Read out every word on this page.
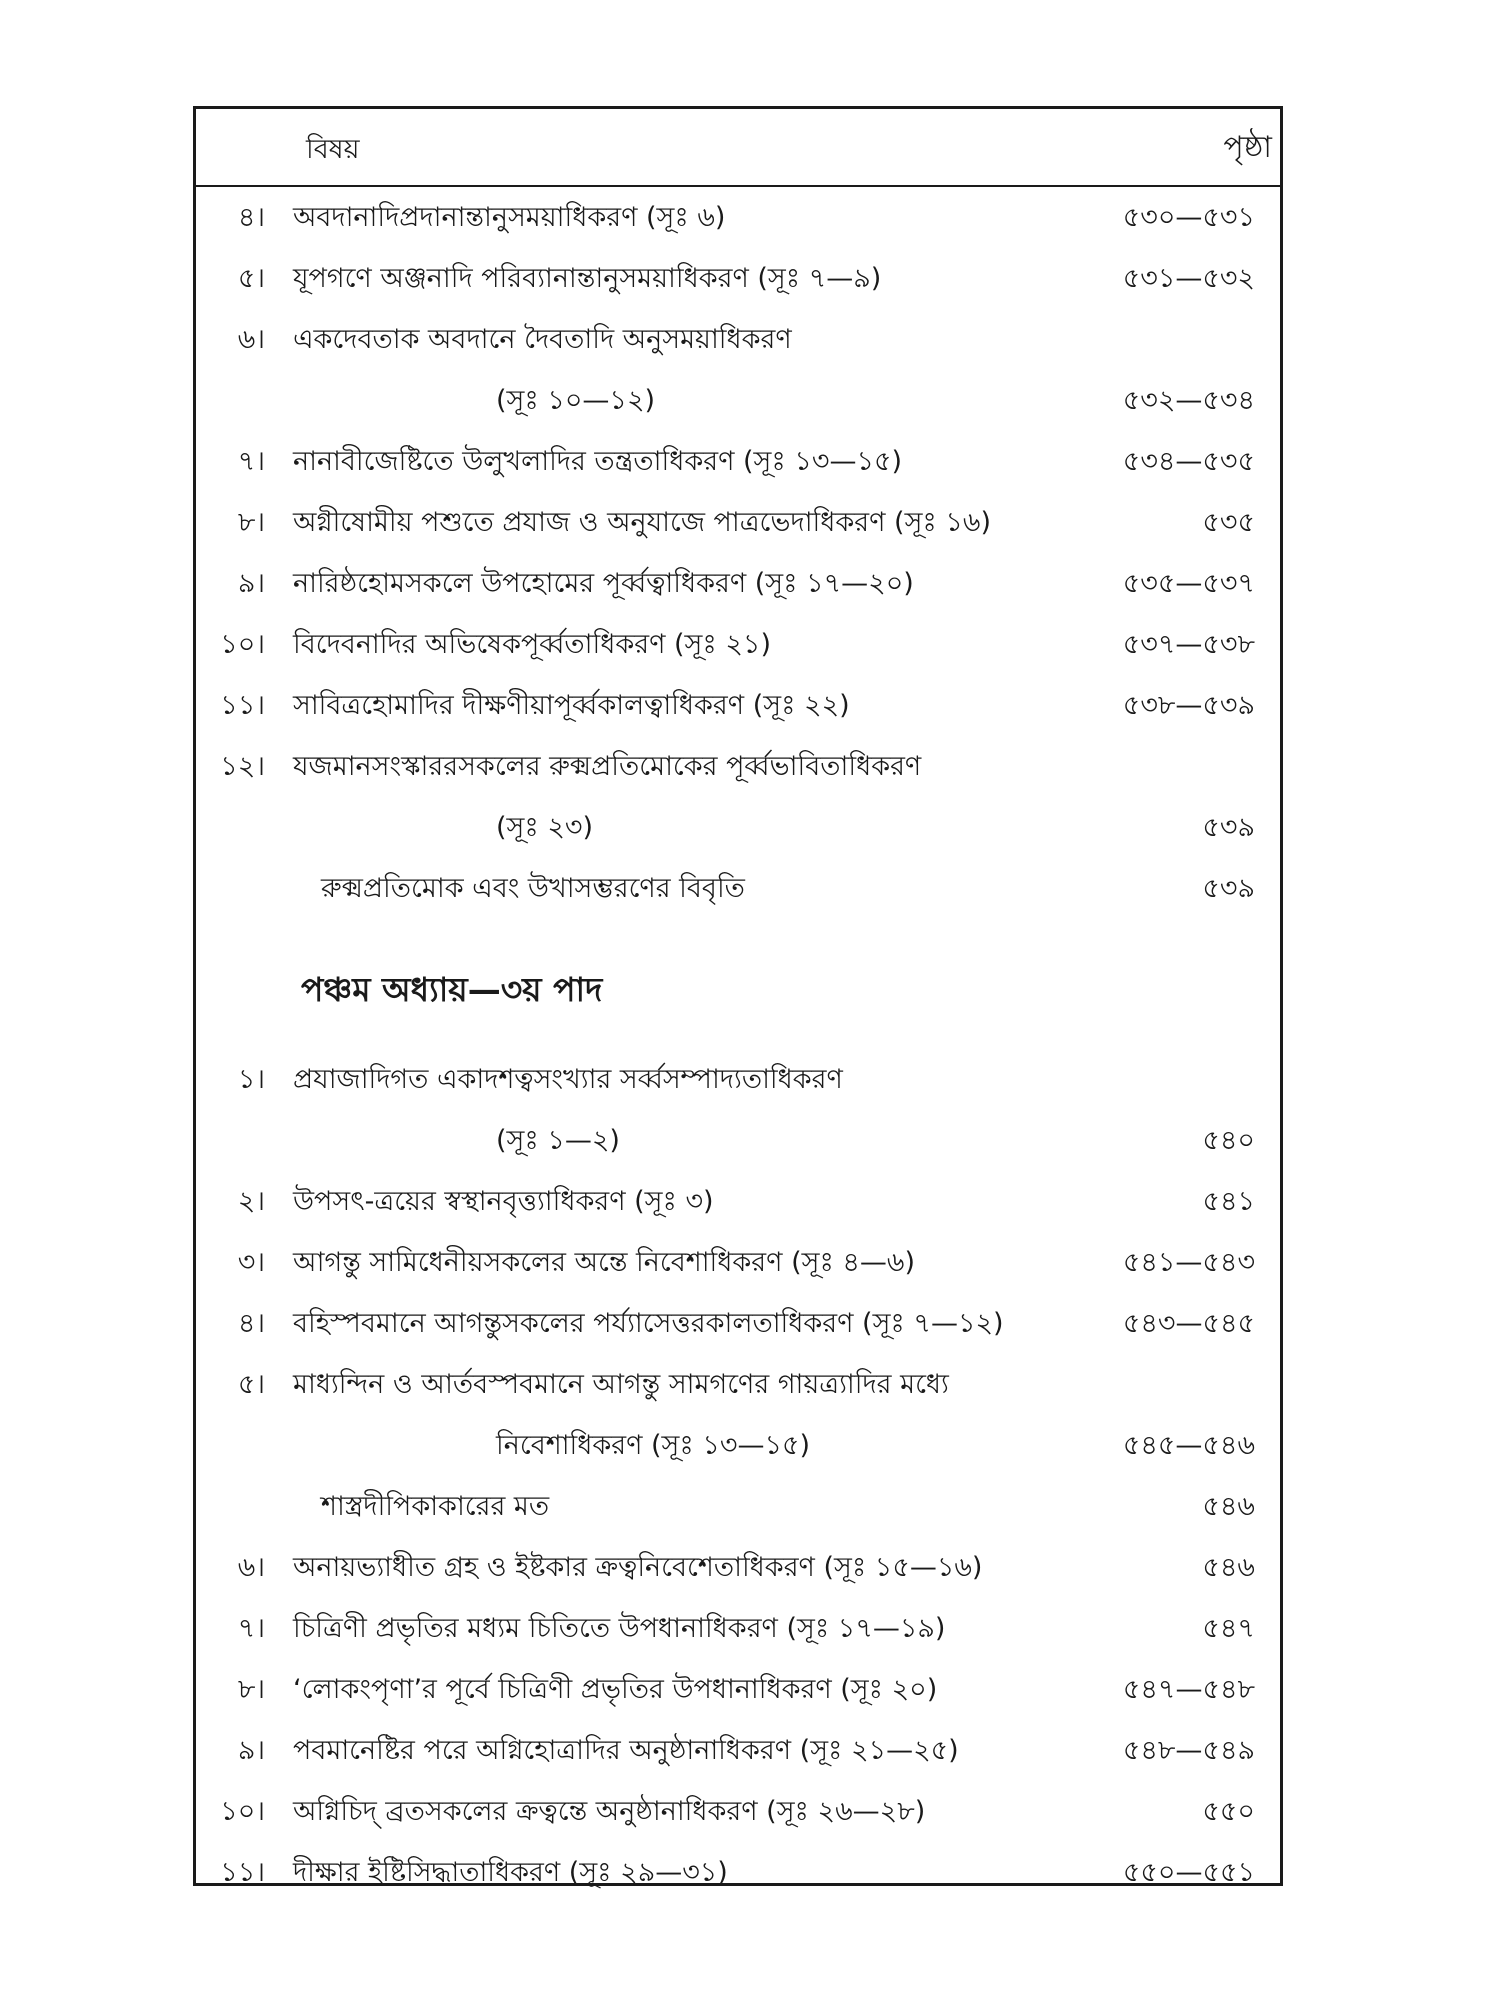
বিষয়	পৃষ্ঠা
৪। অবদানাদিপ্রদানান্তানুসময়াধিকরণ (সূঃ ৬)	৫৩০—৫৩১
৫। যূপগণে অঞ্জনাদি পরিব্যানান্তানুসময়াধিকরণ (সূঃ ৭—৯)	৫৩১—৫৩২
৬। একদেবতাক অবদানে দৈবতাদি অনুসময়াধিকরণ
(সূঃ ১০—১২)	৫৩২—৫৩৪
৭। নানাবীজেষ্টিতে উলুখলাদির তন্ত্রতাধিকরণ (সূঃ ১৩—১৫)	৫৩৪—৫৩৫
৮। অগ্নীষোমীয় পশুতে প্রযাজ ও অনুযাজে পাত্রভেদাধিকরণ (সূঃ ১৬)	৫৩৫
৯। নারিষ্ঠহোমসকলে উপহোমের পূর্ব্বত্বাধিকরণ (সূঃ ১৭—২০)	৫৩৫—৫৩৭
১০। বিদেবনাদির অভিষেকপূর্ব্বতাধিকরণ (সূঃ ২১)	৫৩৭—৫৩৮
১১। সাবিত্রহোমাদির দীক্ষণীয়াপূর্ব্বকালত্বাধিকরণ (সূঃ ২২)	৫৩৮—৫৩৯
১২। যজমানসংস্কাররসকলের রুক্মপ্রতিমোকের পূর্ব্বভাবিতাধিকরণ
(সূঃ ২৩)	৫৩৯
রুক্মপ্রতিমোক এবং উখাসম্ভরণের বিবৃতি	৫৩৯
পঞ্চম অধ্যায়—৩য় পাদ
১। প্রযাজাদিগত একাদশত্বসংখ্যার সর্ব্বসম্পাদ্যতাধিকরণ
(সূঃ ১—২)	৫৪০
২। উপসৎ-ত্রয়ের স্বস্থানবৃত্ত্যাধিকরণ (সূঃ ৩)	৫৪১
৩। আগন্তু সামিধেনীয়সকলের অন্তে নিবেশাধিকরণ (সূঃ ৪—৬)	৫৪১—৫৪৩
৪। বহিস্পবমানে আগন্তুসকলের পর্য্যাসেত্তরকালতাধিকরণ (সূঃ ৭—১২)	৫৪৩—৫৪৫
৫। মাধ্যন্দিন ও আর্তবস্পবমানে আগন্তু সামগণের গায়ত্র্যাদির মধ্যে
নিবেশাধিকরণ (সূঃ ১৩—১৫)	৫৪৫—৫৪৬
শাস্ত্রদীপিকাকারের মত	৫৪৬
৬। অনায়ভ্যাধীত গ্রহ ও ইষ্টকার ক্রত্বনিবেশেতাধিকরণ (সূঃ ১৫—১৬)	৫৪৬
৭। চিত্রিণী প্রভৃতির মধ্যম চিতিতে উপধানাধিকরণ (সূঃ ১৭—১৯)	৫৪৭
৮। ‘লোকংপৃণা’র পূর্বে চিত্রিণী প্রভৃতির উপধানাধিকরণ (সূঃ ২০)	৫৪৭—৫৪৮
৯। পবমানেষ্টির পরে অগ্নিহোত্রাদির অনুষ্ঠানাধিকরণ (সূঃ ২১—২৫)	৫৪৮—৫৪৯
১০। অগ্নিচিদ্‌ ব্রতসকলের ক্রত্বন্তে অনুষ্ঠানাধিকরণ (সূঃ ২৬—২৮)	৫৫০
১১। দীক্ষার ইষ্টিসিদ্ধাতাধিকরণ (সূঃ ২৯—৩১)	৫৫০—৫৫১
